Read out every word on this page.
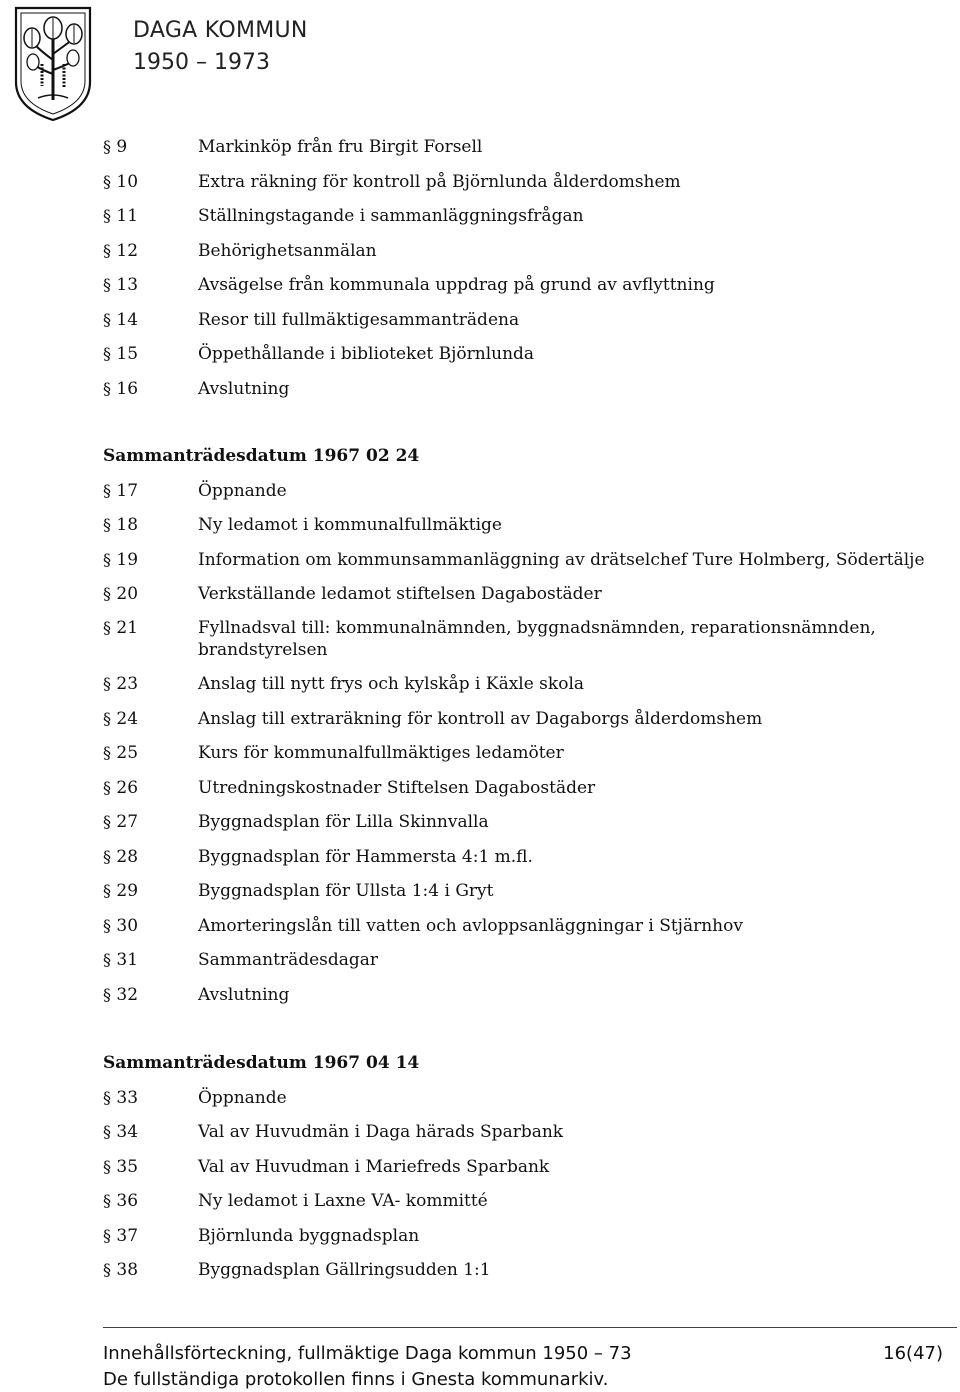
DAGA KOMMUN
1950 – 1973
§ 9	Markinköp från fru Birgit Forsell
§ 10	Extra räkning för kontroll på Björnlunda ålderdomshem
§ 11	Ställningstagande i sammanläggningsfrågan
§ 12	Behörighetsanmälan
§ 13	Avsägelse från kommunala uppdrag på grund av avflyttning
§ 14	Resor till fullmäktigesammanträdena
§ 15	Öppethållande i biblioteket Björnlunda
§ 16	Avslutning
Sammanträdesdatum 1967 02 24
§ 17	Öppnande
§ 18	Ny ledamot i kommunalfullmäktige
§ 19	Information om kommunsammanläggning av drätselchef Ture Holmberg, Södertälje
§ 20	Verkställande ledamot stiftelsen Dagabostäder
§ 21	Fyllnadsval till: kommunalnämnden, byggnadsnämnden, reparationsnämnden, brandstyrelsen
§ 23	Anslag till nytt frys och kylskåp i Käxle skola
§ 24	Anslag till extraräkning för kontroll av Dagaborgs ålderdomshem
§ 25	Kurs för kommunalfullmäktiges ledamöter
§ 26	Utredningskostnader Stiftelsen Dagabostäder
§ 27	Byggnadsplan för Lilla Skinnvalla
§ 28	Byggnadsplan för Hammersta 4:1 m.fl.
§ 29	Byggnadsplan för Ullsta 1:4 i Gryt
§ 30	Amorteringslån till vatten och avloppsanläggningar i Stjärnhov
§ 31	Sammanträdesdagar
§ 32	Avslutning
Sammanträdesdatum 1967 04 14
§ 33	Öppnande
§ 34	Val av Huvudmän i Daga härads Sparbank
§ 35	Val av Huvudman i Mariefreds Sparbank
§ 36	Ny ledamot i Laxne VA- kommitté
§ 37	Björnlunda byggnadsplan
§ 38	Byggnadsplan Gällringsudden 1:1
Innehållsförteckning, fullmäktige Daga kommun 1950 – 73	16(47)
De fullständiga protokollen finns i Gnesta kommunarkiv.
